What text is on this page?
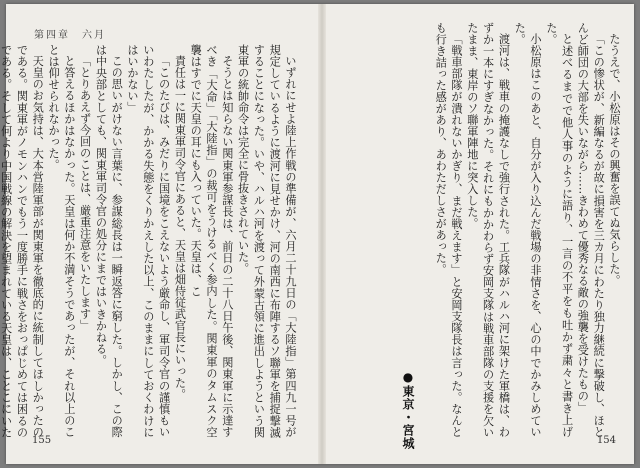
第四章　六月

いずれにせよ陸上作戦の準備が、六月二十九日の「大陸指」第四九一号が規定しているように渡河に見せかけ、河の南西に布陣するソ聯軍を捕捉撃滅することになった。いや、ハルハ河を渡って外蒙古領に進出しようという関東軍の統帥命令は完全に骨抜きされていた。

そうとは知らない関東軍参謀長は、前日の二十八日午後、関東軍に示達すべき「大命」「大陸指」の裁可をうけるべく参内した。関東軍のタムスク空襲はすでに天皇の耳にも入っていた。天皇は、こ

責任は一に関東軍司令官にあると、天皇は畑侍従武官長にいった。

「このたびは、みだりに国境をこえないよう厳命し、軍司令官の謹慎もいいわたしたが、かかる失態をくりかえした以上、このままにしておくわけにはいかない」

この思いがけない言葉に、参謀総長は一瞬返答に窮した。しかし、この際は中央部としても、関東軍司令官の処分にまではいきかねる。

「とりあえず今回のことは、厳重注意をいたします」

と答えるほかはなかった。天皇は何か不満そうであったが、それ以上のことは仰せられなかった。

天皇のお気持は、大本営陸軍部が関東軍を徹底的に統制してほしかったのである。関東軍がノモンハンでもう一度勝手に戦さをおっぱじめては困るのである。そして何より中国戦線の解決を望まれている天皇は、ことこにいた

155

たうえで、小松原はその興奮を誤てぬ気らした。

「この惨状が、新編なるが故に損害を三カ月にわたり独力継続に撃破し、ほとんど師団の大部を失いながら……きわめて優秀なる敵の強襲を受けたもの」

と述べるまでで他人事のように語り、一言の不平をも吐かず粛々と書き上げた。

小松原はこのあと、自分が入り込んだ戦場の非情さを、心の中でかみしめていた。

渡河は、戦車の掩護なしで強行された。工兵隊がハルハ河に架けた軍橋は、わずか一本にすぎなかった。それにもかかわらず安岡支隊は戦車部隊の支援を欠いたまま、東岸のソ聯軍陣地に突入した。

「戦車部隊が潰れないかぎり、まだ戦えます」と安岡支隊長は言った。なんとも行き詰った感があり、あわただしさがあった。

●東京・宮城	154
